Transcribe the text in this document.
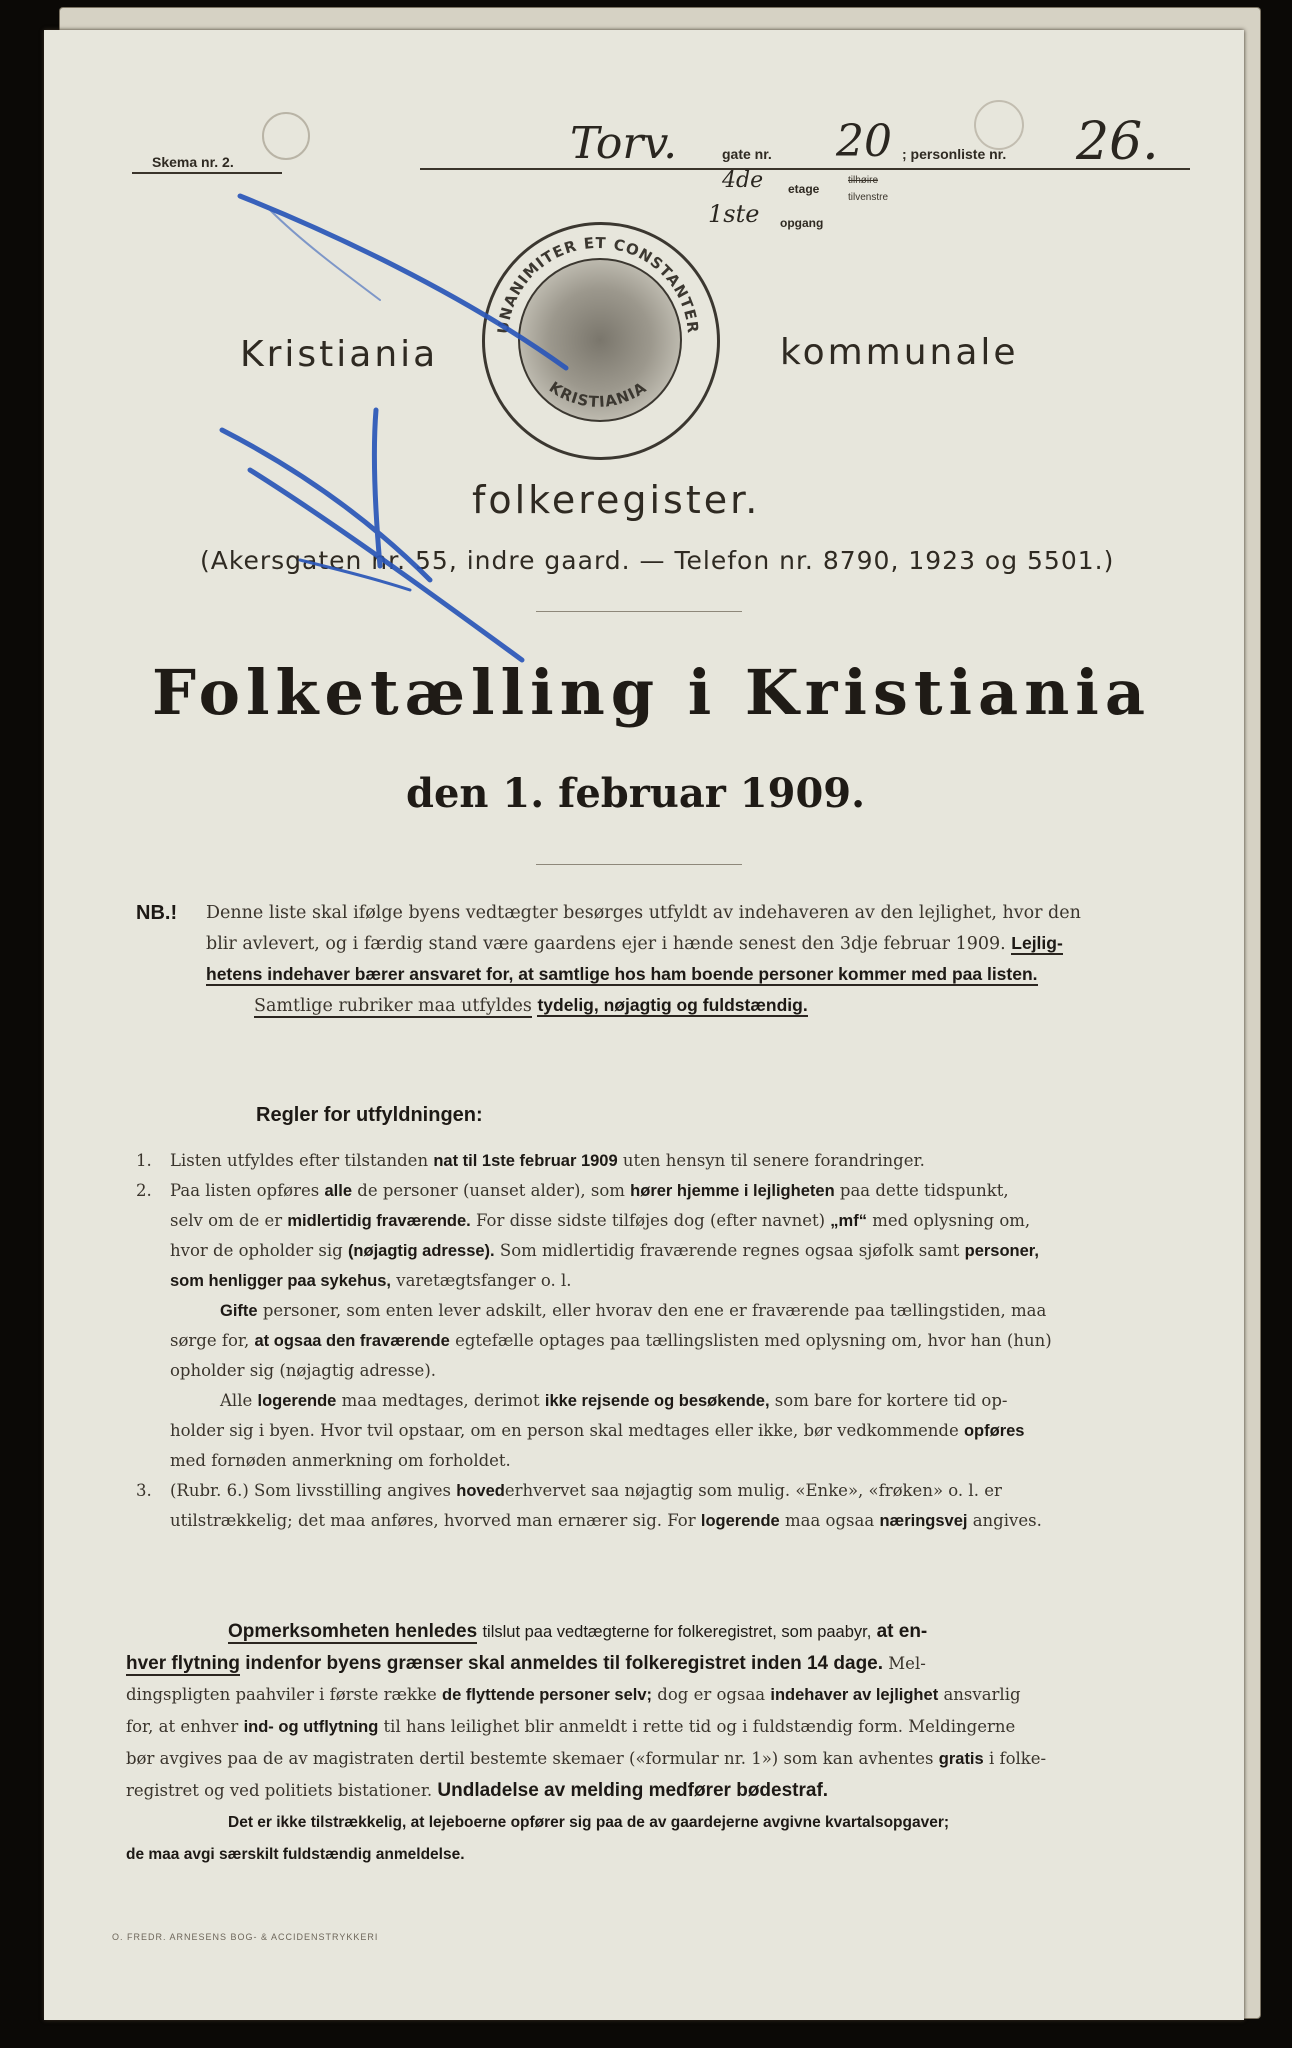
Skema nr. 2.	Torv.	gate nr. 20 ; personliste nr. 26.
4de etage
tilhøire
tilvenstre
1ste opgang
Kristiania	kommunale
UNANIMITER ET CONSTANTER
KRISTIANIA
folkeregister.
(Akersgaten nr. 55, indre gaard. — Telefon nr. 8790, 1923 og 5501.)
Folketælling i Kristiania
den 1. februar 1909.
NB.! Denne liste skal ifølge byens vedtægter besørges utfyldt av indehaveren av den lejlighet, hvor den
blir avlevert, og i færdig stand være gaardens ejer i hænde senest den 3dje februar 1909. Lejlig-
hetens indehaver bærer ansvaret for, at samtlige hos ham boende personer kommer med paa listen.
Samtlige rubriker maa utfyldes tydelig, nøjagtig og fuldstændig.
Regler for utfyldningen:
1. Listen utfyldes efter tilstanden nat til 1ste februar 1909 uten hensyn til senere forandringer.
2. Paa listen opføres alle de personer (uanset alder), som hører hjemme i lejligheten paa dette tidspunkt,
selv om de er midlertidig fraværende. For disse sidste tilføjes dog (efter navnet) „mf“ med oplysning om,
hvor de opholder sig (nøjagtig adresse). Som midlertidig fraværende regnes ogsaa sjøfolk samt personer,
som henligger paa sykehus, varetægtsfanger o. l.
Gifte personer, som enten lever adskilt, eller hvorav den ene er fraværende paa tællingstiden, maa
sørge for, at ogsaa den fraværende egtefælle optages paa tællingslisten med oplysning om, hvor han (hun)
opholder sig (nøjagtig adresse).
Alle logerende maa medtages, derimot ikke rejsende og besøkende, som bare for kortere tid op-
holder sig i byen. Hvor tvil opstaar, om en person skal medtages eller ikke, bør vedkommende opføres
med fornøden anmerkning om forholdet.
3. (Rubr. 6.) Som livsstilling angives hovederhvervet saa nøjagtig som mulig. «Enke», «frøken» o. l. er
utilstrækkelig; det maa anføres, hvorved man ernærer sig. For logerende maa ogsaa næringsvej angives.
Opmerksomheten henledes tilslut paa vedtægterne for folkeregistret, som paabyr, at en-
hver flytning indenfor byens grænser skal anmeldes til folkeregistret inden 14 dage. Mel-
dingspligten paahviler i første række de flyttende personer selv; dog er ogsaa indehaver av lejlighet ansvarlig
for, at enhver ind- og utflytning til hans leilighet blir anmeldt i rette tid og i fuldstændig form. Meldingerne
bør avgives paa de av magistraten dertil bestemte skemaer («formular nr. 1») som kan avhentes gratis i folke-
registret og ved politiets bistationer. Undladelse av melding medfører bødestraf.
Det er ikke tilstrækkelig, at lejeboerne opfører sig paa de av gaardejerne avgivne kvartalsopgaver;
de maa avgi særskilt fuldstændig anmeldelse.
O. FREDR. ARNESENS BOG- & ACCIDENSTRYKKERI
